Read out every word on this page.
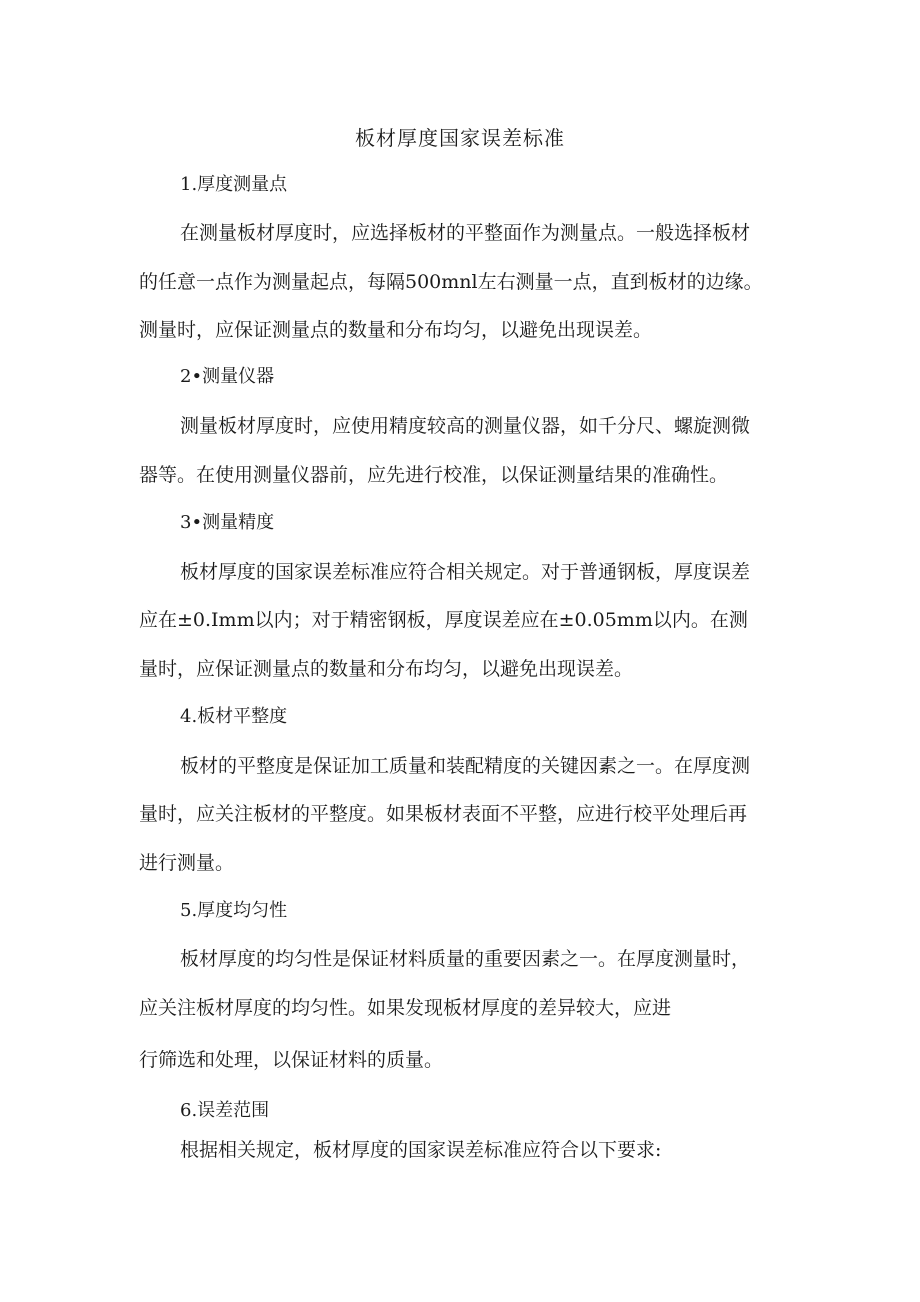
板材厚度国家误差标准
1.厚度测量点
在测量板材厚度时，应选择板材的平整面作为测量点。一般选择板材
的任意一点作为测量起点，每隔500mnl左右测量一点，直到板材的边缘。
测量时，应保证测量点的数量和分布均匀，以避免出现误差。
2•测量仪器
测量板材厚度时，应使用精度较高的测量仪器，如千分尺、螺旋测微
器等。在使用测量仪器前，应先进行校准，以保证测量结果的准确性。
3•测量精度
板材厚度的国家误差标准应符合相关规定。对于普通钢板，厚度误差
应在±0.Imm以内；对于精密钢板，厚度误差应在±0.05mm以内。在测
量时，应保证测量点的数量和分布均匀，以避免出现误差。
4.板材平整度
板材的平整度是保证加工质量和装配精度的关键因素之一。在厚度测
量时，应关注板材的平整度。如果板材表面不平整，应进行校平处理后再
进行测量。
5.厚度均匀性
板材厚度的均匀性是保证材料质量的重要因素之一。在厚度测量时，
应关注板材厚度的均匀性。如果发现板材厚度的差异较大，应进
行筛选和处理，以保证材料的质量。
6.误差范围
根据相关规定，板材厚度的国家误差标准应符合以下要求:
